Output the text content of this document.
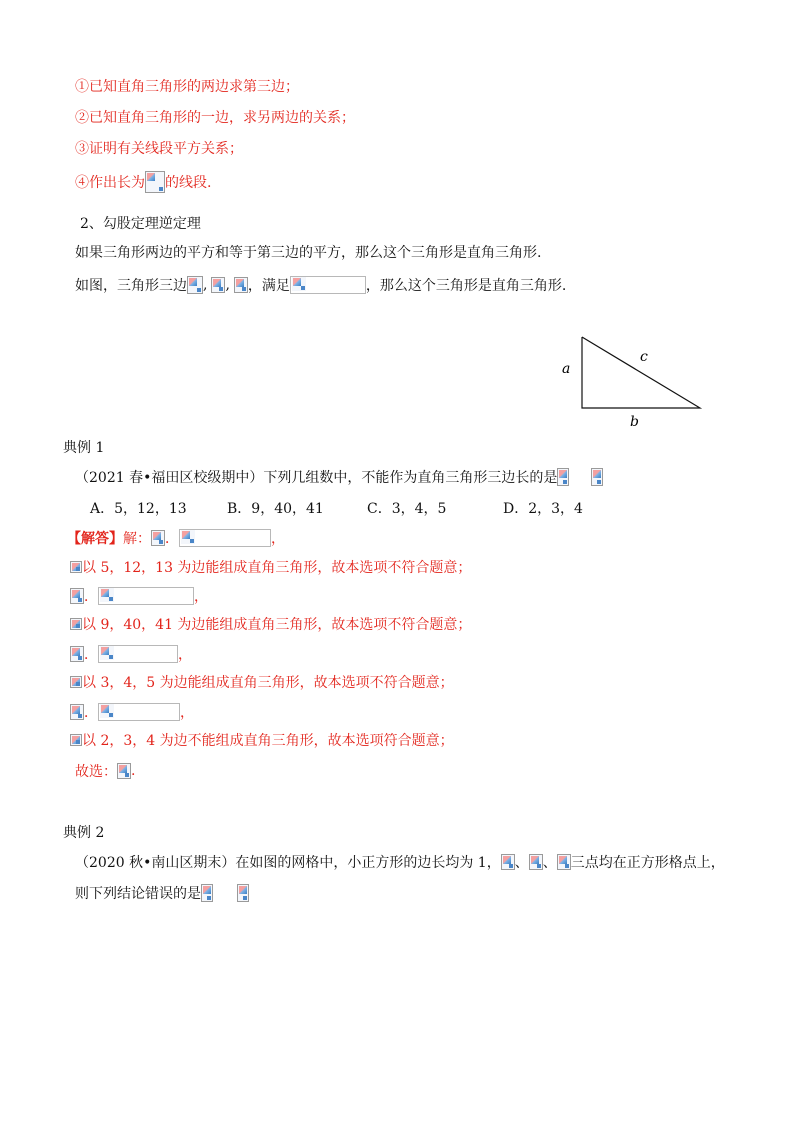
①已知直角三角形的两边求第三边；
②已知直角三角形的一边，求另两边的关系；
③证明有关线段平方关系；
④作出长为 的线段.
2、勾股定理逆定理
如果三角形两边的平方和等于第三边的平方，那么这个三角形是直角三角形.
如图，三角形三边 , , ，满足	，那么这个三角形是直角三角形.
a
c
b
典例 1
（2021 春•福田区校级期中）下列几组数中，不能作为直角三角形三边长的是
A．5，12，13	B．9，40，41	C．3，4，5	D．2，3，4
【解答】 解： ．	，
以 5，12，13 为边能组成直角三角形，故本选项不符合题意；
．	，
以 9，40，41 为边能组成直角三角形，故本选项不符合题意；
．	，
以 3，4，5 为边能组成直角三角形，故本选项不符合题意；
．	，
以 2，3，4 为边不能组成直角三角形，故本选项符合题意；
故选： .
典例 2
（2020 秋•南山区期末）在如图的网格中，小正方形的边长均为 1， 、 、 三点均在正方形格点上，
则下列结论错误的是
